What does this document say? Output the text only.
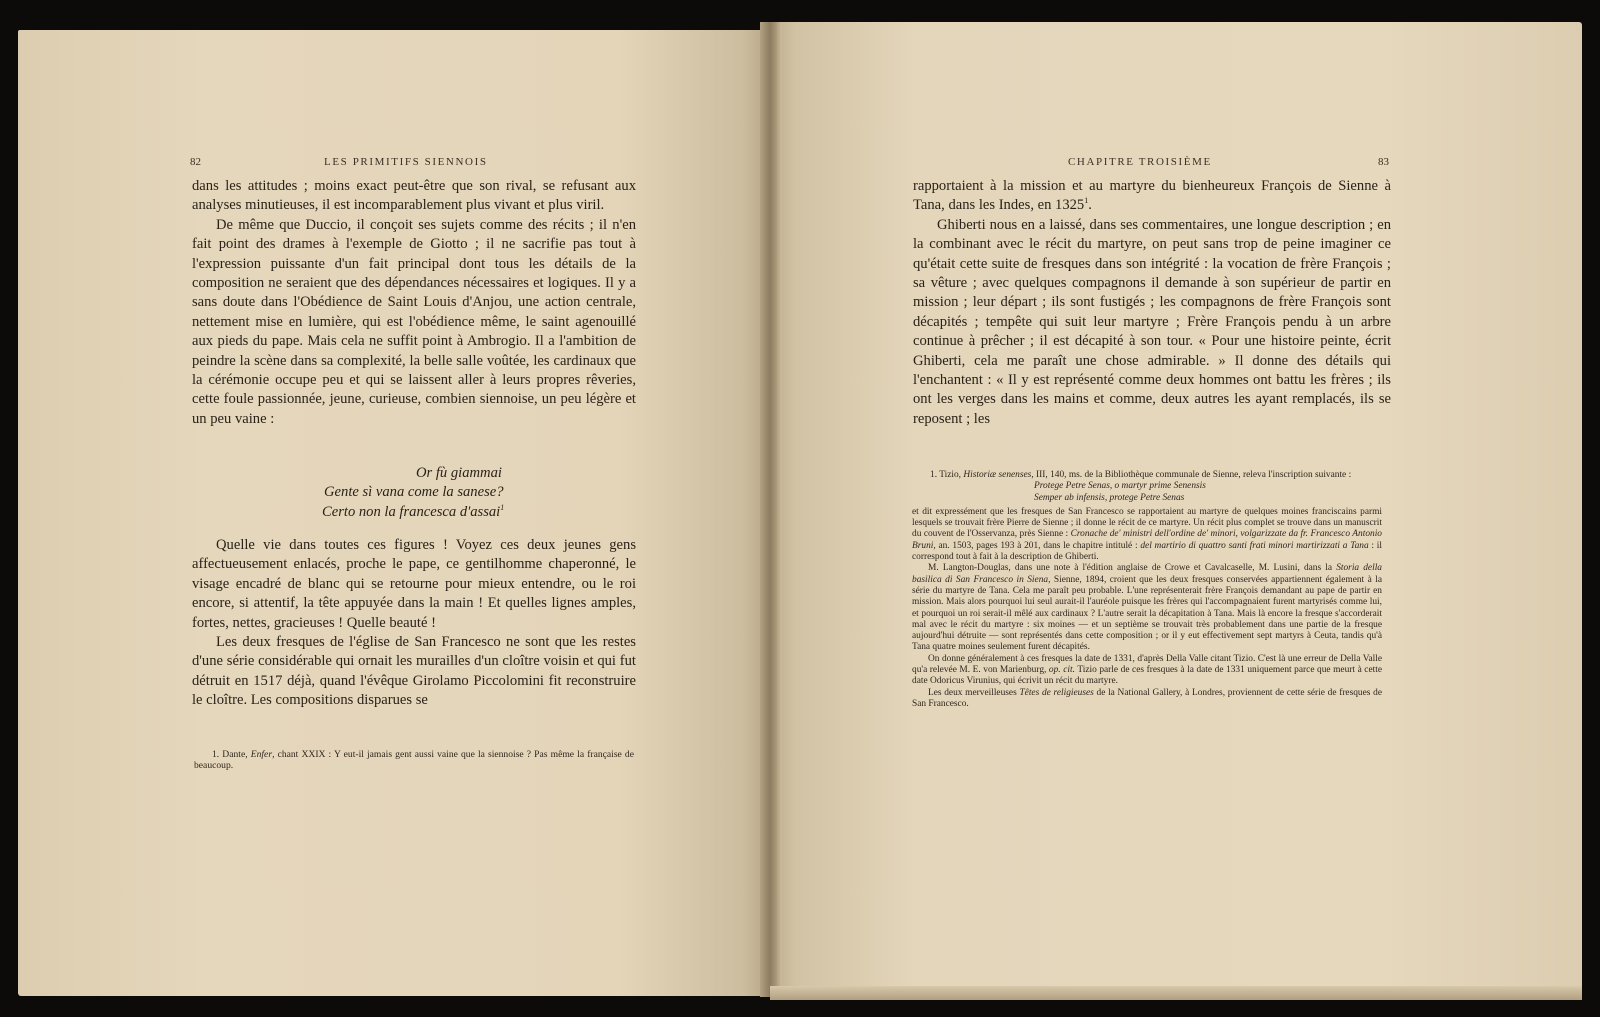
82	LES PRIMITIFS SIENNOIS

dans les attitudes ; moins exact peut-être que son rival, se refusant aux analyses minutieuses, il est incomparablement plus vivant et plus viril.

De même que Duccio, il conçoit ses sujets comme des récits ; il n'en fait point des drames à l'exemple de Giotto ; il ne sacrifie pas tout à l'expression puissante d'un fait principal dont tous les détails de la composition ne seraient que des dépendances nécessaires et logiques. Il y a sans doute dans l'Obédience de Saint Louis d'Anjou, une action centrale, nettement mise en lumière, qui est l'obédience même, le saint agenouillé aux pieds du pape. Mais cela ne suffit point à Ambrogio. Il a l'ambition de peindre la scène dans sa complexité, la belle salle voûtée, les cardinaux que la cérémonie occupe peu et qui se laissent aller à leurs propres rêveries, cette foule passionnée, jeune, curieuse, combien siennoise, un peu légère et un peu vaine :

Or fù giammai
Gente sì vana come la sanese?
Certo non la francesca d'assai$^1$

Quelle vie dans toutes ces figures ! Voyez ces deux jeunes gens affectueusement enlacés, proche le pape, ce gentilhomme chaperonné, le visage encadré de blanc qui se retourne pour mieux entendre, ou le roi encore, si attentif, la tête appuyée dans la main ! Et quelles lignes amples, fortes, nettes, gracieuses ! Quelle beauté !

Les deux fresques de l'église de San Francesco ne sont que les restes d'une série considérable qui ornait les murailles d'un cloître voisin et qui fut détruit en 1517 déjà, quand l'évêque Girolamo Piccolomini fit reconstruire le cloître. Les compositions disparues se

1. Dante, Enfer, chant XXIX : Y eut-il jamais gent aussi vaine que la siennoise ? Pas même la française de beaucoup.
CHAPITRE TROISIÈME	83

rapportaient à la mission et au martyre du bienheureux François de Sienne à Tana, dans les Indes, en 1325$^1$.

Ghiberti nous en a laissé, dans ses commentaires, une longue description ; en la combinant avec le récit du martyre, on peut sans trop de peine imaginer ce qu'était cette suite de fresques dans son intégrité : la vocation de frère François ; sa vêture ; avec quelques compagnons il demande à son supérieur de partir en mission ; leur départ ; ils sont fustigés ; les compagnons de frère François sont décapités ; tempête qui suit leur martyre ; Frère François pendu à un arbre continue à prêcher ; il est décapité à son tour. « Pour une histoire peinte, écrit Ghiberti, cela me paraît une chose admirable. » Il donne des détails qui l'enchantent : « Il y est représenté comme deux hommes ont battu les frères ; ils ont les verges dans les mains et comme, deux autres les ayant remplacés, ils se reposent ; les

1. Tizio, Historiæ senenses, III, 140, ms. de la Bibliothèque communale de Sienne, releva l'inscription suivante :

Protege Petre Senas, o martyr prime Senensis
Semper ab infensis, protege Petre Senas

et dit expressément que les fresques de San Francesco se rapportaient au martyre de quelques moines franciscains parmi lesquels se trouvait frère Pierre de Sienne ; il donne le récit de ce martyre. Un récit plus complet se trouve dans un manuscrit du couvent de l'Osservanza, près Sienne : Cronache de' ministri dell'ordine de' minori, volgarizzate da fr. Francesco Antonio Bruni, an. 1503, pages 193 à 201, dans le chapitre intitulé : del martirio di quattro santi frati minori martirizzati a Tana : il correspond tout à fait à la description de Ghiberti.

M. Langton-Douglas, dans une note à l'édition anglaise de Crowe et Cavalcaselle, M. Lusini, dans la Storia della basilica di San Francesco in Siena, Sienne, 1894, croient que les deux fresques conservées appartiennent également à la série du martyre de Tana. Cela me paraît peu probable. L'une représenterait frère François demandant au pape de partir en mission. Mais alors pourquoi lui seul aurait-il l'auréole puisque les frères qui l'accompagnaient furent martyrisés comme lui, et pourquoi un roi serait-il mêlé aux cardinaux ? L'autre serait la décapitation à Tana. Mais là encore la fresque s'accorderait mal avec le récit du martyre : six moines — et un septième se trouvait très probablement dans une partie de la fresque aujourd'hui détruite — sont représentés dans cette composition ; or il y eut effectivement sept martyrs à Ceuta, tandis qu'à Tana quatre moines seulement furent décapités.

On donne généralement à ces fresques la date de 1331, d'après Della Valle citant Tizio. C'est là une erreur de Della Valle qu'a relevée M. E. von Marienburg, op. cit. Tizio parle de ces fresques à la date de 1331 uniquement parce que meurt à cette date Odoricus Virunius, qui écrivit un récit du martyre.

Les deux merveilleuses Têtes de religieuses de la National Gallery, à Londres, proviennent de cette série de fresques de San Francesco.
